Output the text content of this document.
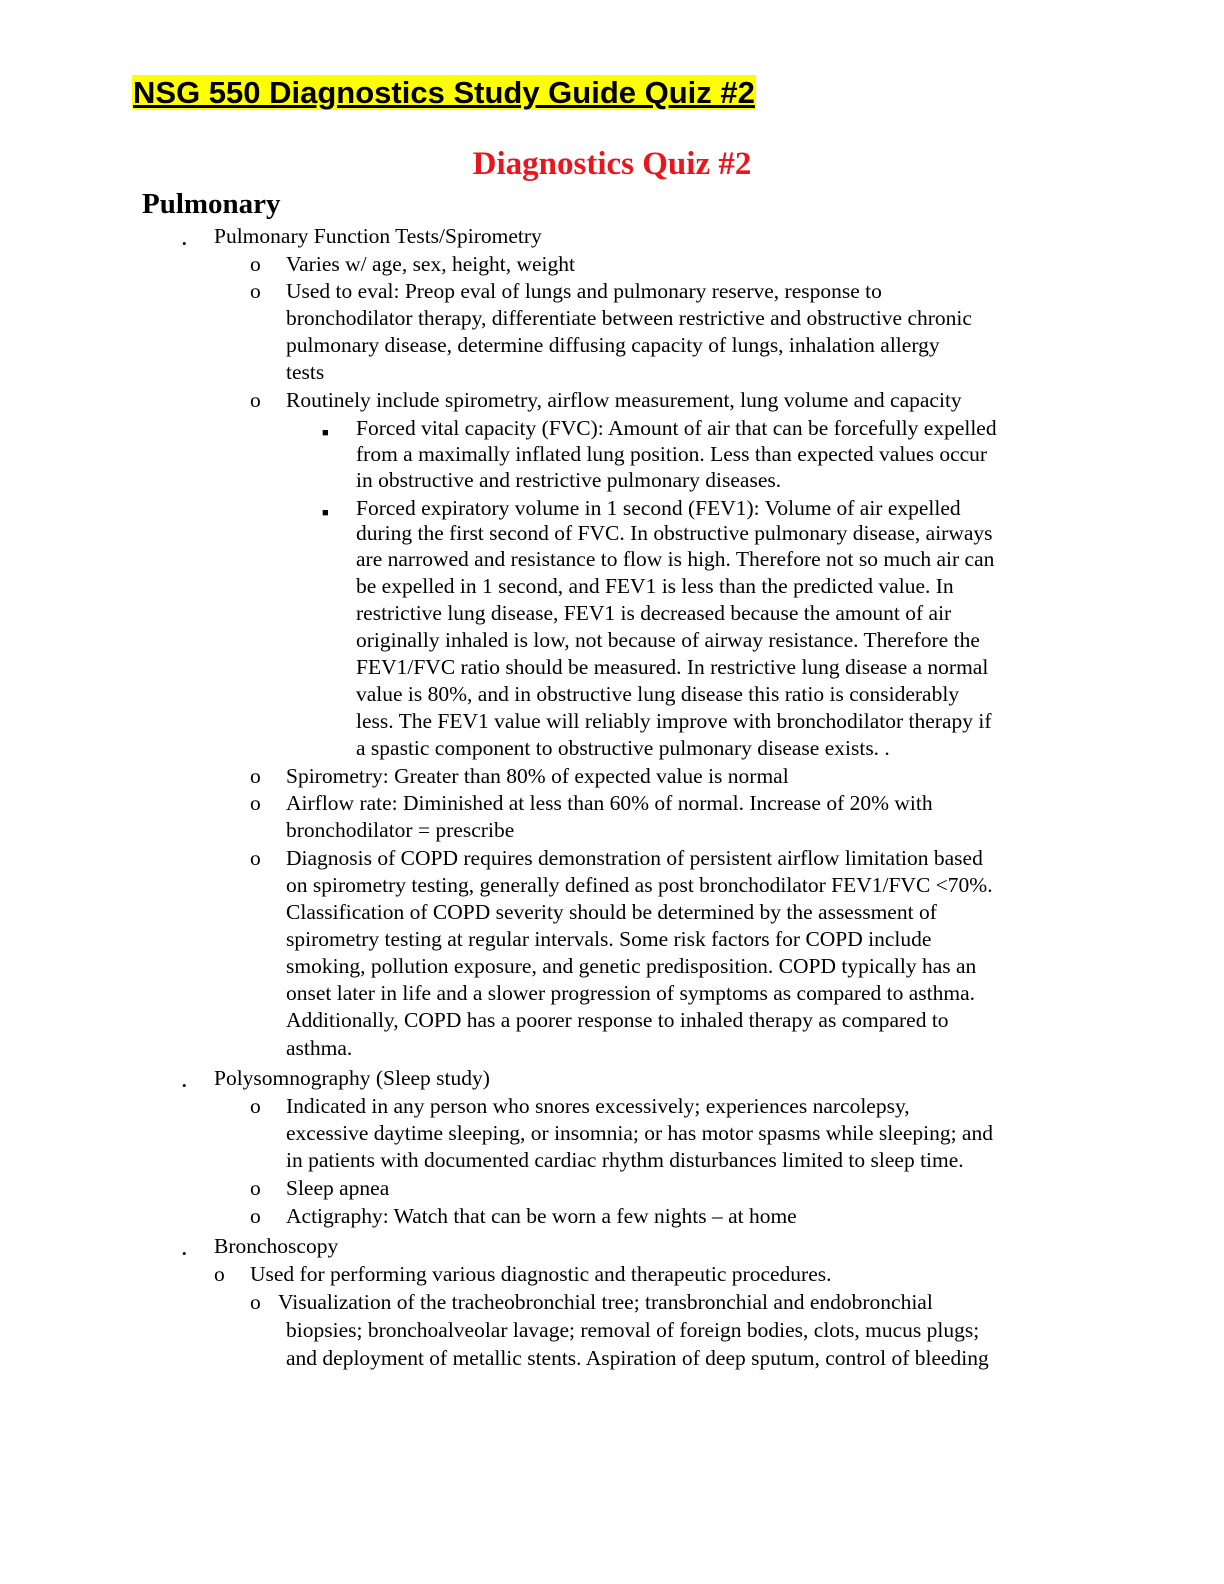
NSG 550 Diagnostics Study Guide Quiz #2
Diagnostics Quiz #2
Pulmonary
• Pulmonary Function Tests/Spirometry
o Varies w/ age, sex, height, weight
o Used to eval: Preop eval of lungs and pulmonary reserve, response to
bronchodilator therapy, differentiate between restrictive and obstructive chronic
pulmonary disease, determine diffusing capacity of lungs, inhalation allergy
tests
o Routinely include spirometry, airflow measurement, lung volume and capacity
■ Forced vital capacity (FVC): Amount of air that can be forcefully expelled
from a maximally inflated lung position. Less than expected values occur
in obstructive and restrictive pulmonary diseases.
■ Forced expiratory volume in 1 second (FEV1): Volume of air expelled
during the first second of FVC. In obstructive pulmonary disease, airways
are narrowed and resistance to flow is high. Therefore not so much air can
be expelled in 1 second, and FEV1 is less than the predicted value. In
restrictive lung disease, FEV1 is decreased because the amount of air
originally inhaled is low, not because of airway resistance. Therefore the
FEV1/FVC ratio should be measured. In restrictive lung disease a normal
value is 80%, and in obstructive lung disease this ratio is considerably
less. The FEV1 value will reliably improve with bronchodilator therapy if
a spastic component to obstructive pulmonary disease exists. .
o Spirometry: Greater than 80% of expected value is normal
o Airflow rate: Diminished at less than 60% of normal. Increase of 20% with
bronchodilator = prescribe
o Diagnosis of COPD requires demonstration of persistent airflow limitation based
on spirometry testing, generally defined as post bronchodilator FEV1/FVC <70%.
Classification of COPD severity should be determined by the assessment of
spirometry testing at regular intervals. Some risk factors for COPD include
smoking, pollution exposure, and genetic predisposition. COPD typically has an
onset later in life and a slower progression of symptoms as compared to asthma.
Additionally, COPD has a poorer response to inhaled therapy as compared to
asthma.
• Polysomnography (Sleep study)
o Indicated in any person who snores excessively; experiences narcolepsy,
excessive daytime sleeping, or insomnia; or has motor spasms while sleeping; and
in patients with documented cardiac rhythm disturbances limited to sleep time.
o Sleep apnea
o Actigraphy: Watch that can be worn a few nights – at home
• Bronchoscopy
o Used for performing various diagnostic and therapeutic procedures.
o Visualization of the tracheobronchial tree; transbronchial and endobronchial
biopsies; bronchoalveolar lavage; removal of foreign bodies, clots, mucus plugs;
and deployment of metallic stents. Aspiration of deep sputum, control of bleeding
